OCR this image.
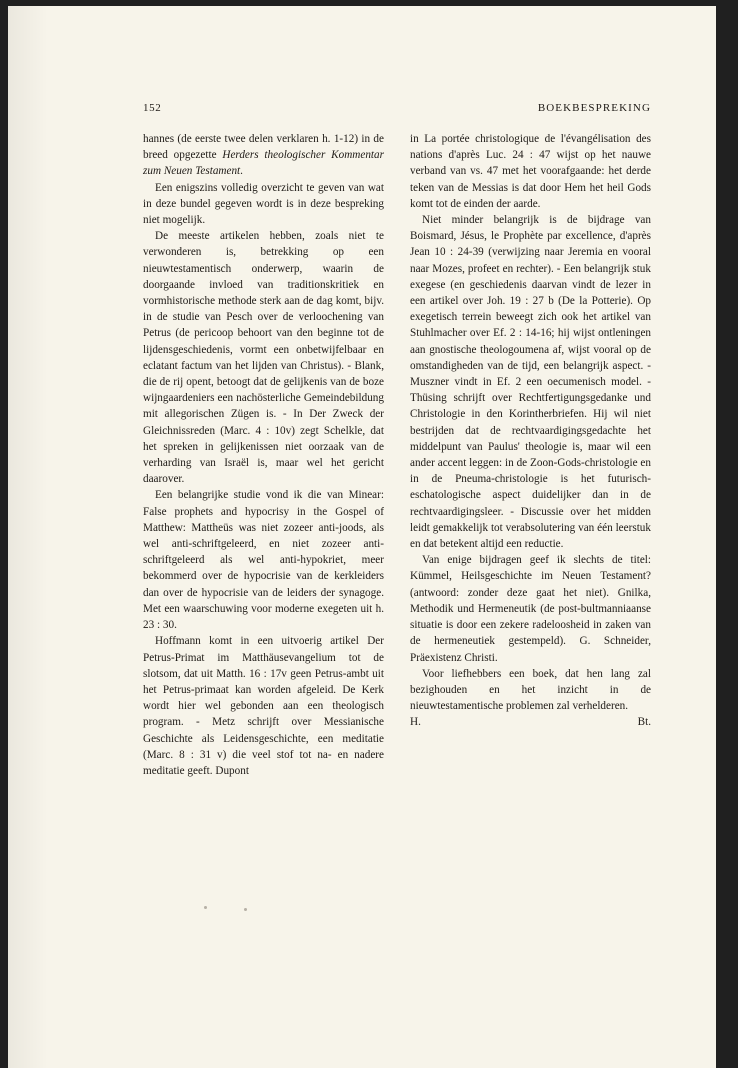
152	BOEKBESPREKING

hannes (de eerste twee delen verklaren h. 1-12) in de breed opgezette Herders theologischer Kommentar zum Neuen Testament.

Een enigszins volledig overzicht te geven van wat in deze bundel gegeven wordt is in deze bespreking niet mogelijk.

De meeste artikelen hebben, zoals niet te verwonderen is, betrekking op een nieuwtestamentisch onderwerp, waarin de doorgaande invloed van traditionskritiek en vormhistorische methode sterk aan de dag komt, bijv. in de studie van Pesch over de verloochening van Petrus (de pericoop behoort van den beginne tot de lijdensgeschiedenis, vormt een onbetwijfelbaar en eclatant factum van het lijden van Christus). - Blank, die de rij opent, betoogt dat de gelijkenis van de boze wijngaardeniers een nachösterliche Gemeindebildung mit allegorischen Zügen is. - In Der Zweck der Gleichnissreden (Marc. 4 : 10v) zegt Schelkle, dat het spreken in gelijkenissen niet oorzaak van de verharding van Israël is, maar wel het gericht daarover.

Een belangrijke studie vond ik die van Minear: False prophets and hypocrisy in the Gospel of Matthew: Mattheüs was niet zozeer anti-joods, als wel anti-schriftgeleerd, en niet zozeer anti-schriftgeleerd als wel anti-hypokriet, meer bekommerd over de hypocrisie van de kerkleiders dan over de hypocrisie van de leiders der synagoge. Met een waarschuwing voor moderne exegeten uit h. 23 : 30.

Hoffmann komt in een uitvoerig artikel Der Petrus-Primat im Matthäusevangelium tot de slotsom, dat uit Matth. 16 : 17v geen Petrus-ambt uit het Petrus-primaat kan worden afgeleid. De Kerk wordt hier wel gebonden aan een theologisch program. - Metz schrijft over Messianische Geschichte als Leidensgeschichte, een meditatie (Marc. 8 : 31 v) die veel stof tot na- en nadere meditatie geeft. Dupont

in La portée christologique de l'évangélisation des nations d'après Luc. 24 : 47 wijst op het nauwe verband van vs. 47 met het voorafgaande: het derde teken van de Messias is dat door Hem het heil Gods komt tot de einden der aarde.

Niet minder belangrijk is de bijdrage van Boismard, Jésus, le Prophète par excellence, d'après Jean 10 : 24-39 (verwijzing naar Jeremia en vooral naar Mozes, profeet en rechter). - Een belangrijk stuk exegese (en geschiedenis daarvan vindt de lezer in een artikel over Joh. 19 : 27 b (De la Potterie). Op exegetisch terrein beweegt zich ook het artikel van Stuhlmacher over Ef. 2 : 14-16; hij wijst ontleningen aan gnostische theologoumena af, wijst vooral op de omstandigheden van de tijd, een belangrijk aspect. - Muszner vindt in Ef. 2 een oecumenisch model. - Thüsing schrijft over Rechtfertigungsgedanke und Christologie in den Korintherbriefen. Hij wil niet bestrijden dat de rechtvaardigingsgedachte het middelpunt van Paulus' theologie is, maar wil een ander accent leggen: in de Zoon-Gods-christologie en in de Pneuma-christologie is het futurisch-eschatologische aspect duidelijker dan in de rechtvaardigingsleer. - Discussie over het midden leidt gemakkelijk tot verabsolutering van één leerstuk en dat betekent altijd een reductie.

Van enige bijdragen geef ik slechts de titel: Kümmel, Heilsgeschichte im Neuen Testament? (antwoord: zonder deze gaat het niet). Gnilka, Methodik und Hermeneutik (de post-bultmanniaanse situatie is door een zekere radeloosheid in zaken van de hermeneutiek gestempeld). G. Schneider, Präexistenz Christi.

Voor liefhebbers een boek, dat hen lang zal bezighouden en het inzicht in de nieuwtestamentische problemen zal verhelderen.

H.	Bt.
